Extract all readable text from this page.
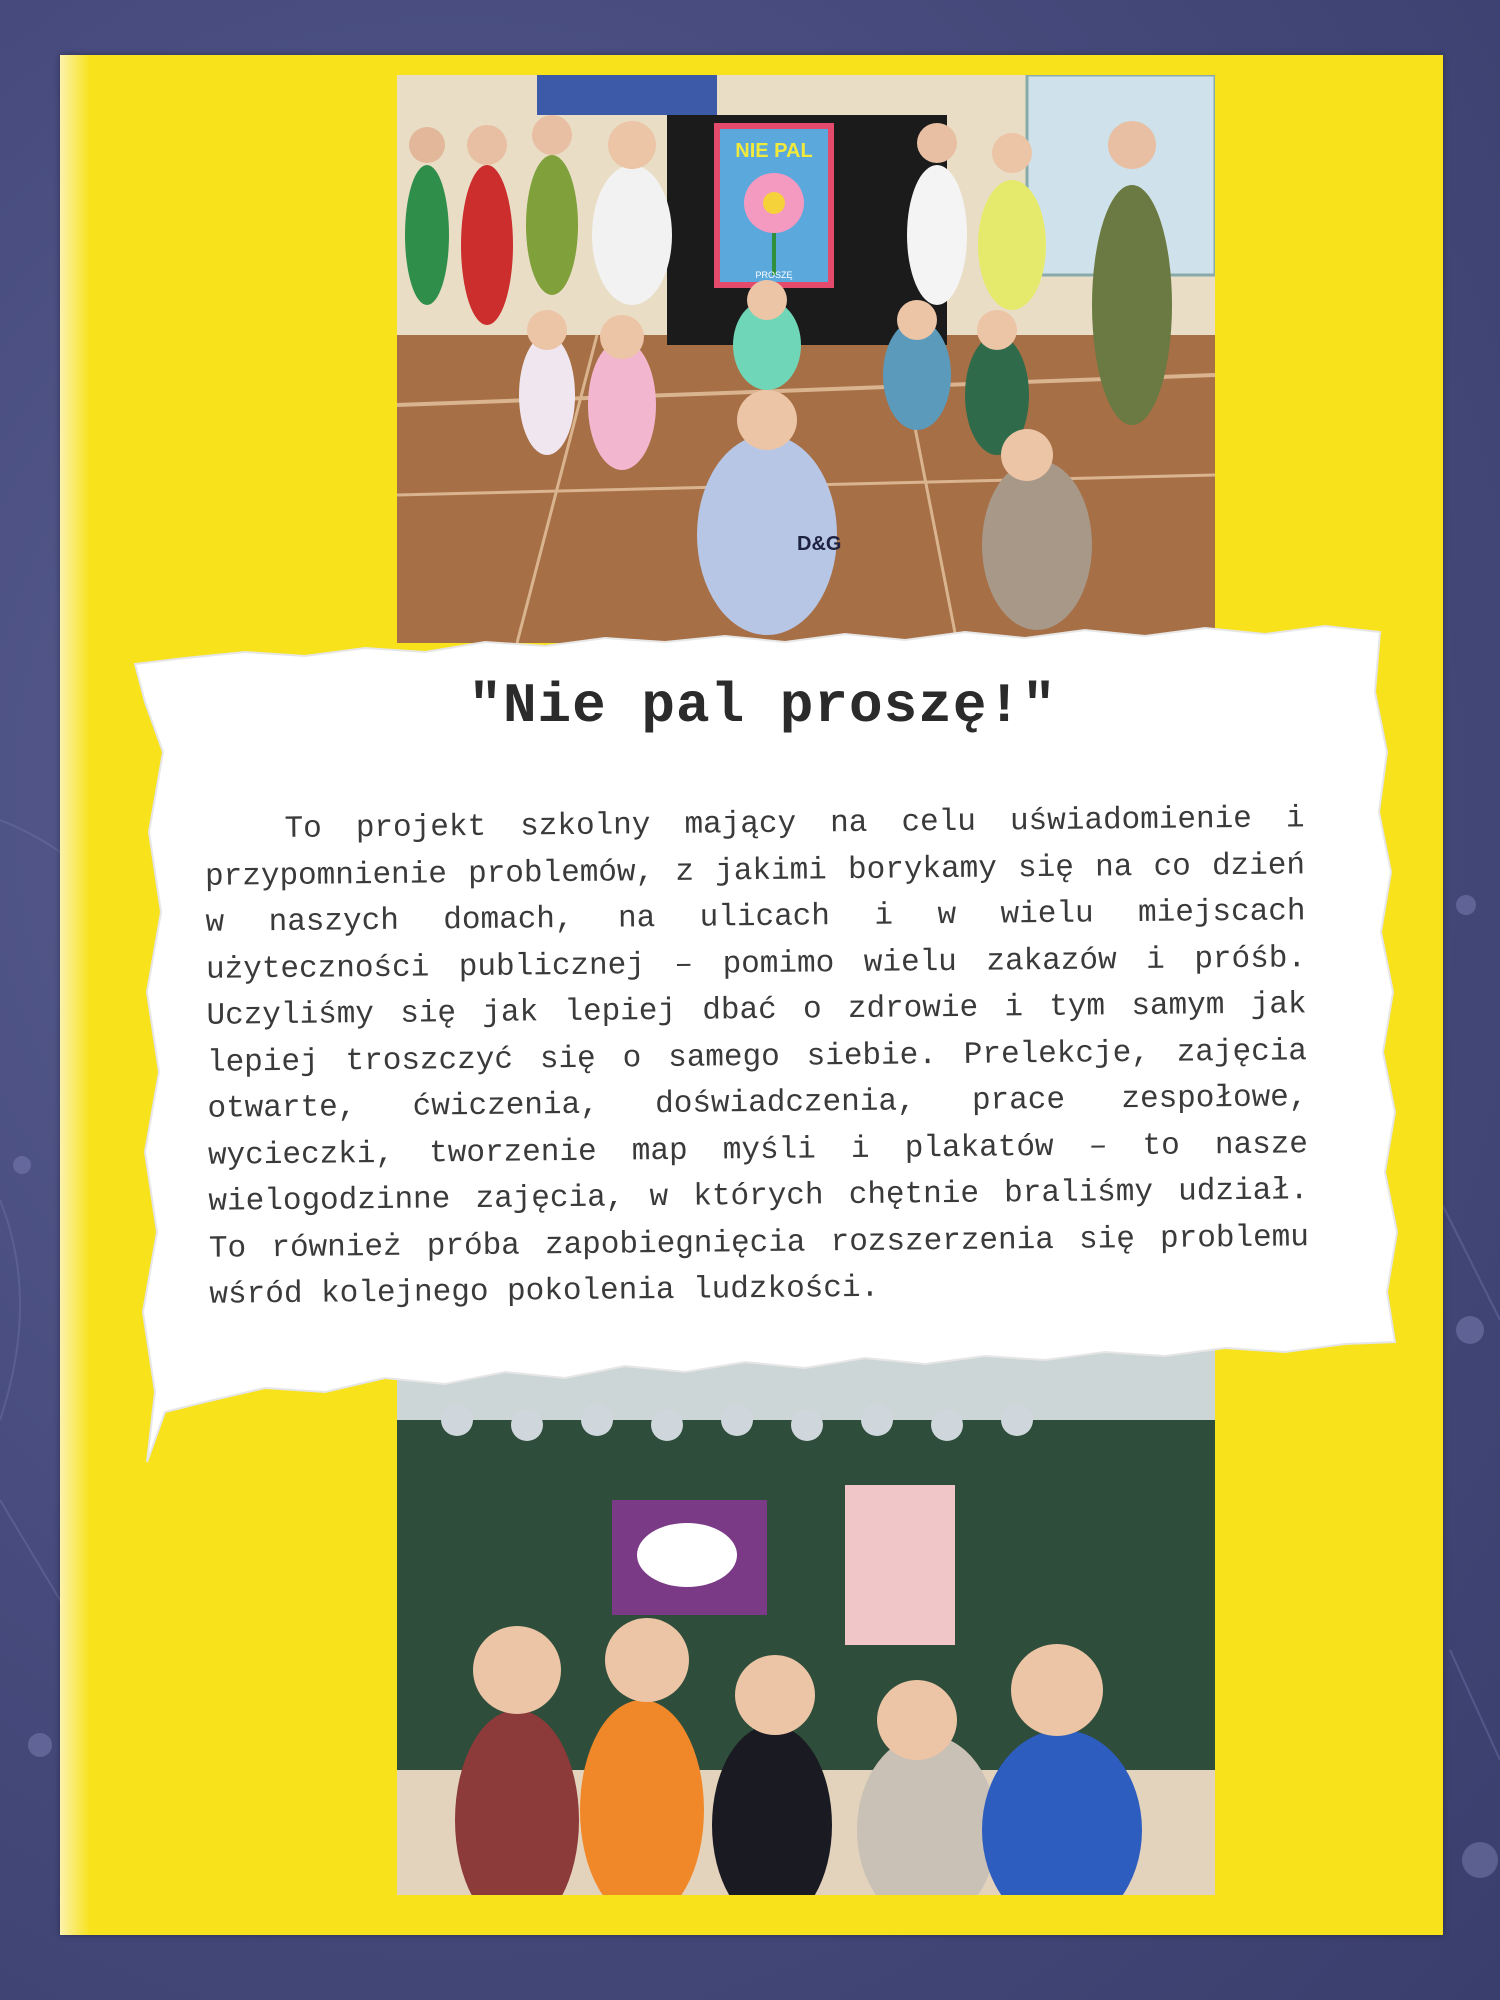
NIE PAL
PROSZĘ
D&G
"Nie pal proszę!"
To projekt szkolny mający na celu uświadomienie i przypomnienie problemów, z jakimi borykamy się na co dzień w naszych domach, na ulicach i w wielu miejscach użyteczności publicznej – pomimo wielu zakazów i próśb. Uczyliśmy się jak lepiej dbać o zdrowie i tym samym jak lepiej troszczyć się o samego siebie. Prelekcje, zajęcia otwarte, ćwiczenia, doświadczenia, prace zespołowe, wycieczki, tworzenie map myśli i plakatów – to nasze wielogodzinne zajęcia, w których chętnie braliśmy udział. To również próba zapobiegnięcia rozszerzenia się problemu wśród kolejnego pokolenia ludzkości.
